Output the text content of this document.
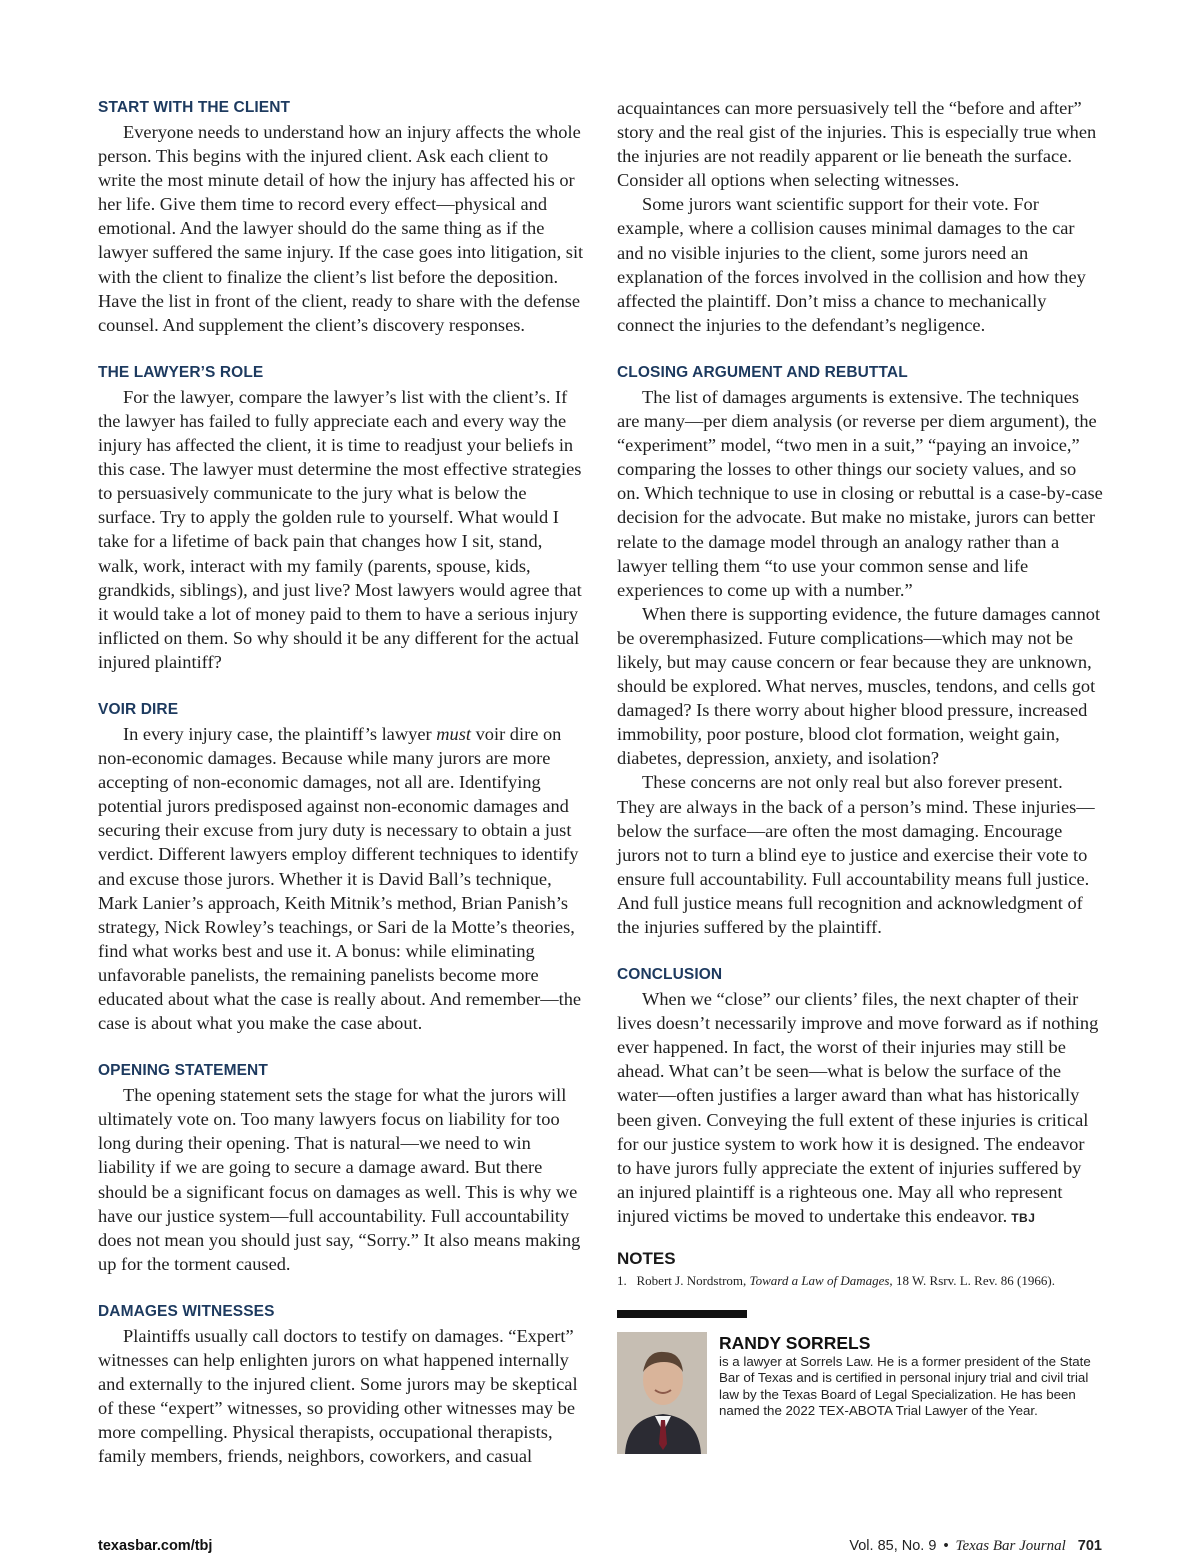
START WITH THE CLIENT

Everyone needs to understand how an injury affects the whole person. This begins with the injured client. Ask each client to write the most minute detail of how the injury has affected his or her life. Give them time to record every effect—physical and emotional. And the lawyer should do the same thing as if the lawyer suffered the same injury. If the case goes into litigation, sit with the client to finalize the client’s list before the deposition. Have the list in front of the client, ready to share with the defense counsel. And supplement the client’s discovery responses.

THE LAWYER’S ROLE

For the lawyer, compare the lawyer’s list with the client’s. If the lawyer has failed to fully appreciate each and every way the injury has affected the client, it is time to readjust your beliefs in this case. The lawyer must determine the most effective strategies to persuasively communicate to the jury what is below the surface. Try to apply the golden rule to yourself. What would I take for a lifetime of back pain that changes how I sit, stand, walk, work, interact with my family (parents, spouse, kids, grandkids, siblings), and just live? Most lawyers would agree that it would take a lot of money paid to them to have a serious injury inflicted on them. So why should it be any different for the actual injured plaintiff?

VOIR DIRE

In every injury case, the plaintiff’s lawyer must voir dire on non-economic damages. Because while many jurors are more accepting of non-economic damages, not all are. Identifying potential jurors predisposed against non-economic damages and securing their excuse from jury duty is necessary to obtain a just verdict. Different lawyers employ different techniques to identify and excuse those jurors. Whether it is David Ball’s technique, Mark Lanier’s approach, Keith Mitnik’s method, Brian Panish’s strategy, Nick Rowley’s teachings, or Sari de la Motte’s theories, find what works best and use it. A bonus: while eliminating unfavorable panelists, the remaining panelists become more educated about what the case is really about. And remember—the case is about what you make the case about.

OPENING STATEMENT

The opening statement sets the stage for what the jurors will ultimately vote on. Too many lawyers focus on liability for too long during their opening. That is natural—we need to win liability if we are going to secure a damage award. But there should be a significant focus on damages as well. This is why we have our justice system—full accountability. Full accountability does not mean you should just say, “Sorry.” It also means making up for the torment caused.

DAMAGES WITNESSES

Plaintiffs usually call doctors to testify on damages. “Expert” witnesses can help enlighten jurors on what happened internally and externally to the injured client. Some jurors may be skeptical of these “expert” witnesses, so providing other witnesses may be more compelling. Physical therapists, occupational therapists, family members, friends, neighbors, coworkers, and casual

acquaintances can more persuasively tell the “before and after” story and the real gist of the injuries. This is especially true when the injuries are not readily apparent or lie beneath the surface. Consider all options when selecting witnesses.

Some jurors want scientific support for their vote. For example, where a collision causes minimal damages to the car and no visible injuries to the client, some jurors need an explanation of the forces involved in the collision and how they affected the plaintiff. Don’t miss a chance to mechanically connect the injuries to the defendant’s negligence.

CLOSING ARGUMENT AND REBUTTAL

The list of damages arguments is extensive. The techniques are many—per diem analysis (or reverse per diem argument), the “experiment” model, “two men in a suit,” “paying an invoice,” comparing the losses to other things our society values, and so on. Which technique to use in closing or rebuttal is a case-by-case decision for the advocate. But make no mistake, jurors can better relate to the damage model through an analogy rather than a lawyer telling them “to use your common sense and life experiences to come up with a number.”

When there is supporting evidence, the future damages cannot be overemphasized. Future complications—which may not be likely, but may cause concern or fear because they are unknown, should be explored. What nerves, muscles, tendons, and cells got damaged? Is there worry about higher blood pressure, increased immobility, poor posture, blood clot formation, weight gain, diabetes, depression, anxiety, and isolation?

These concerns are not only real but also forever present. They are always in the back of a person’s mind. These injuries—below the surface—are often the most damaging. Encourage jurors not to turn a blind eye to justice and exercise their vote to ensure full accountability. Full accountability means full justice. And full justice means full recognition and acknowledgment of the injuries suffered by the plaintiff.

CONCLUSION

When we “close” our clients’ files, the next chapter of their lives doesn’t necessarily improve and move forward as if nothing ever happened. In fact, the worst of their injuries may still be ahead. What can’t be seen—what is below the surface of the water—often justifies a larger award than what has historically been given. Conveying the full extent of these injuries is critical for our justice system to work how it is designed. The endeavor to have jurors fully appreciate the extent of injuries suffered by an injured plaintiff is a righteous one. May all who represent injured victims be moved to undertake this endeavor. TBJ

NOTES

1. Robert J. Nordstrom, Toward a Law of Damages, 18 W. Rsrv. L. Rev. 86 (1966).

RANDY SORRELS

is a lawyer at Sorrels Law. He is a former president of the State Bar of Texas and is certified in personal injury trial and civil trial law by the Texas Board of Legal Specialization. He has been named the 2022 TEX-ABOTA Trial Lawyer of the Year.

texasbar.com/tbj	Vol. 85, No. 9 • Texas Bar Journal 701
